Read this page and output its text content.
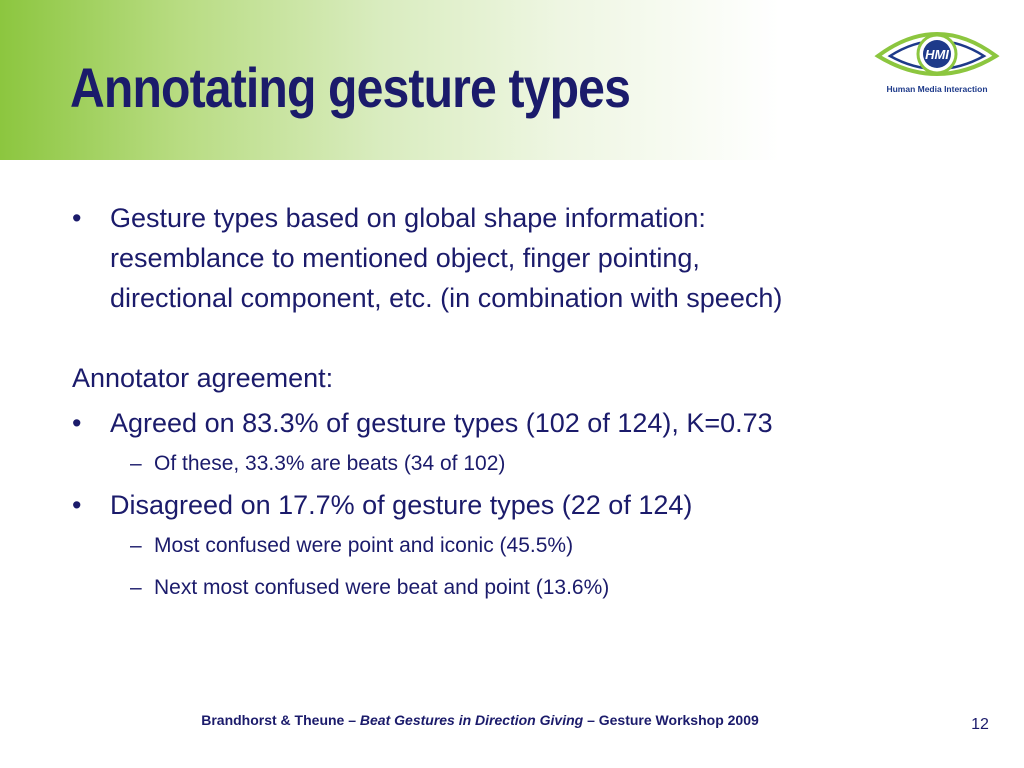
Annotating gesture types
HMI
Human Media Interaction
•	Gesture types based on global shape information:
resemblance to mentioned object, finger pointing,
directional component, etc. (in combination with speech)
Annotator agreement:
•	Agreed on 83.3% of gesture types (102 of 124), K=0.73
– Of these, 33.3% are beats (34 of 102)
•	Disagreed on 17.7% of gesture types (22 of 124)
– Most confused were point and iconic (45.5%)
– Next most confused were beat and point (13.6%)
Brandhorst & Theune – Beat Gestures in Direction Giving – Gesture Workshop 2009	12
